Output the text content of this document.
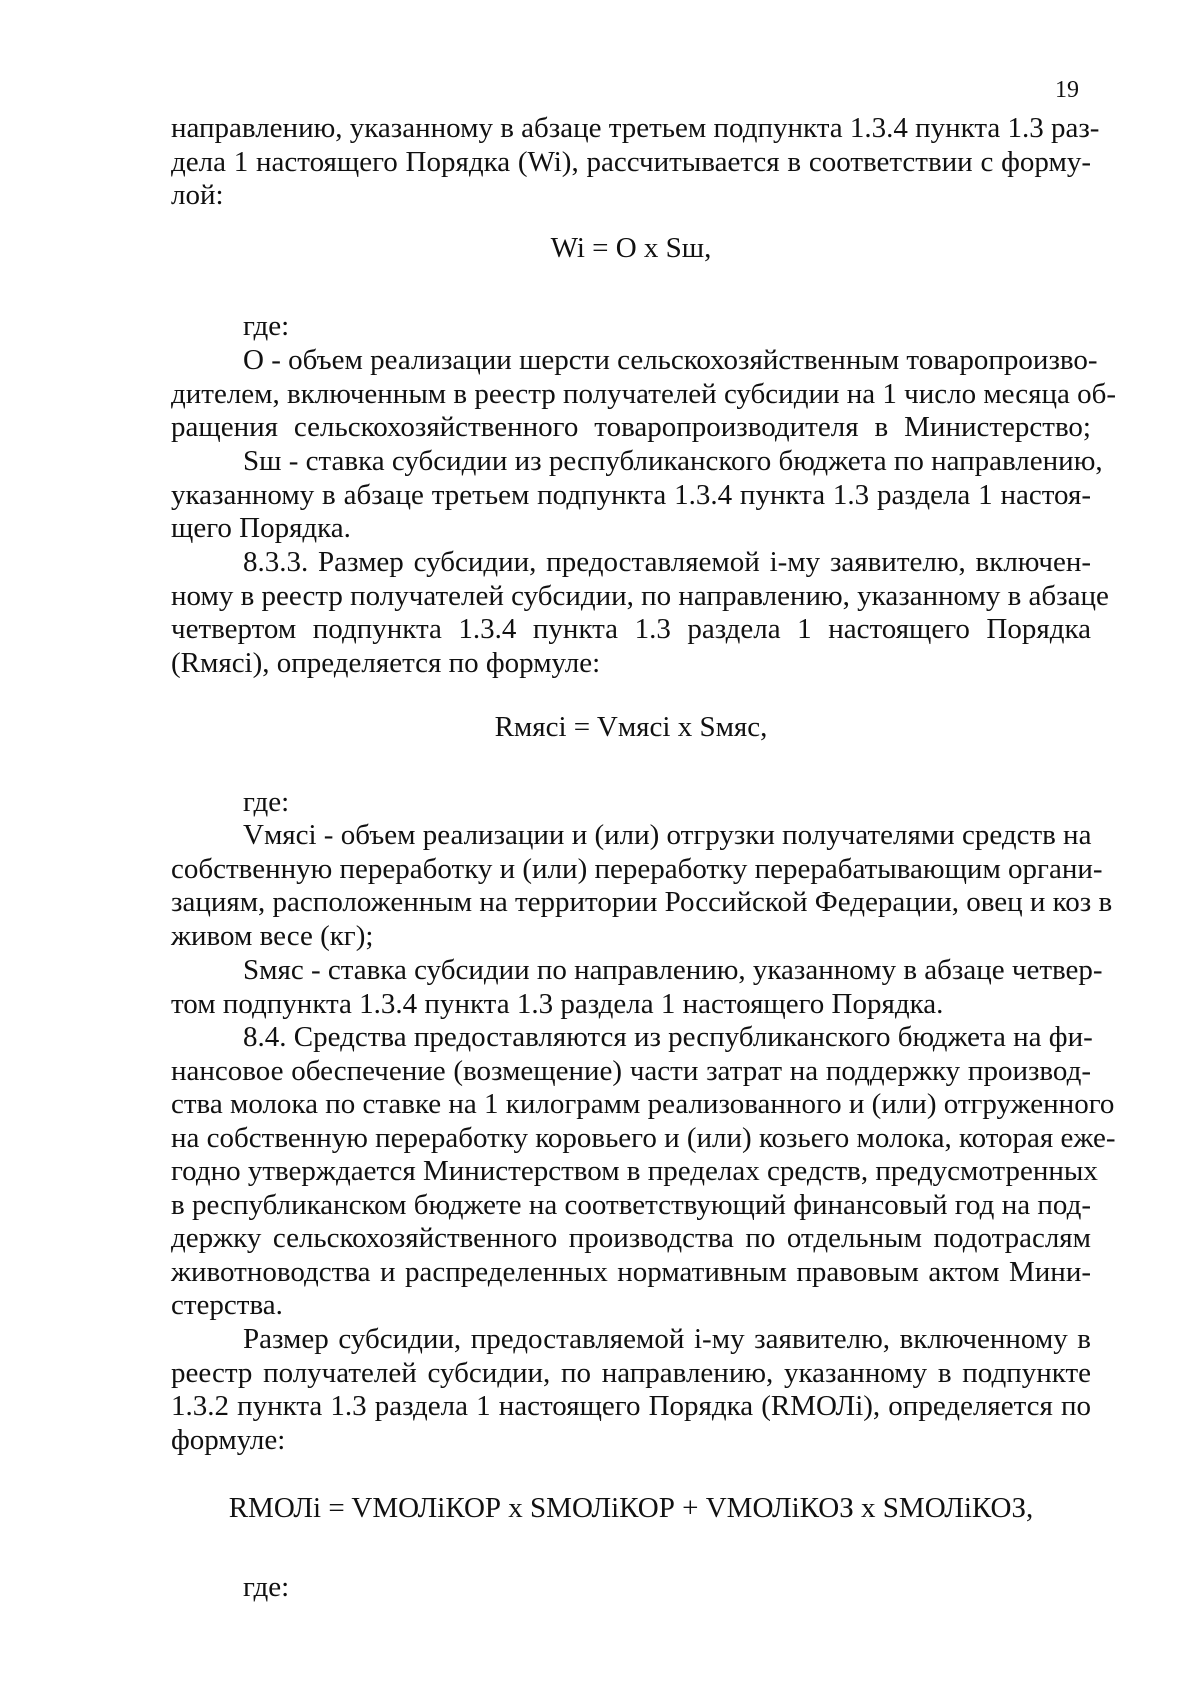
19
направлению, указанному в абзаце третьем подпункта 1.3.4 пункта 1.3 раз-
дела 1 настоящего Порядка (Wi), рассчитывается в соответствии с форму-
лой:
Wi = O x Sш,
где:
О - объем реализации шерсти сельскохозяйственным товаропроизво-
дителем, включенным в реестр получателей субсидии на 1 число месяца об-
ращения сельскохозяйственного товаропроизводителя в Министерство;
Sш - ставка субсидии из республиканского бюджета по направлению,
указанному в абзаце третьем подпункта 1.3.4 пункта 1.3 раздела 1 настоя-
щего Порядка.
8.3.3. Размер субсидии, предоставляемой i-му заявителю, включен-
ному в реестр получателей субсидии, по направлению, указанному в абзаце
четвертом подпункта 1.3.4 пункта 1.3 раздела 1 настоящего Порядка
(Rмясi), определяется по формуле:
Rмясi = Vмясi x Sмяс,
где:
Vмясi - объем реализации и (или) отгрузки получателями средств на
собственную переработку и (или) переработку перерабатывающим органи-
зациям, расположенным на территории Российской Федерации, овец и коз в
живом весе (кг);
Sмяс - ставка субсидии по направлению, указанному в абзаце четвер-
том подпункта 1.3.4 пункта 1.3 раздела 1 настоящего Порядка.
8.4. Средства предоставляются из республиканского бюджета на фи-
нансовое обеспечение (возмещение) части затрат на поддержку производ-
ства молока по ставке на 1 килограмм реализованного и (или) отгруженного
на собственную переработку коровьего и (или) козьего молока, которая еже-
годно утверждается Министерством в пределах средств, предусмотренных
в республиканском бюджете на соответствующий финансовый год на под-
держку сельскохозяйственного производства по отдельным подотраслям
животноводства и распределенных нормативным правовым актом Мини-
стерства.
Размер субсидии, предоставляемой i-му заявителю, включенному в
реестр получателей субсидии, по направлению, указанному в подпункте
1.3.2 пункта 1.3 раздела 1 настоящего Порядка (RМОЛi), определяется по
формуле:
RМОЛi = VМОЛiКОР x SМОЛiКОР + VМОЛiКОЗ x SМОЛiКОЗ,
где:
